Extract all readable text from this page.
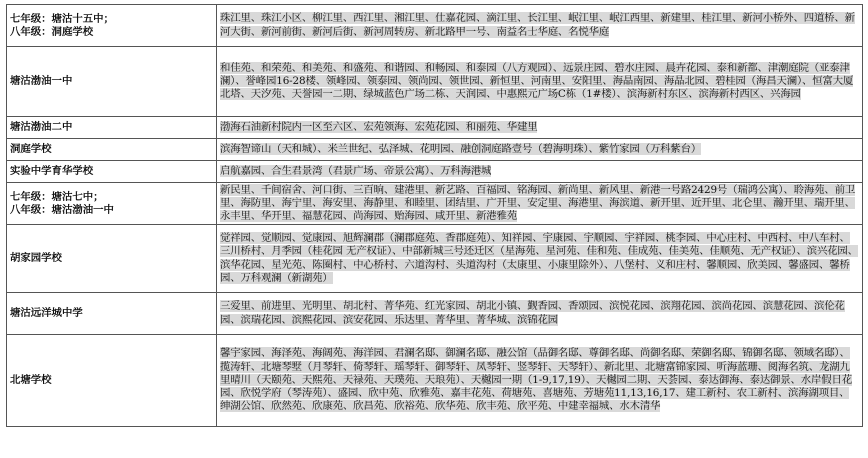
七年级：塘沽十五中；
八年级：洞庭学校	珠江里、珠江小区、柳江里、西江里、湘江里、仕嘉花园、滴江里、长江里、岷江里、岷江西里、新建里、桂江里、新河小桥外、四道桥、新河大街、新河前街、新河后街、新河周转房、新北路甲一号、南益名士华庭、名悦华庭

塘沽渤油一中	和佳苑、和荣苑、和美苑、和盛苑、和谐园、和畅园、和泰园（八方观园）、远景庄园、碧水庄园、晨卉花园、泰和新都、津潮庭院（亚泰津澜）、誉峰园16-28楼、领峰园、领泰园、领尚园、领世园、新恒里、河南里、安阳里、海晶南园、海晶北园、碧桂园（海昌天澜）、恒富大厦北塔、天汐苑、天誉园一二期、绿城蓝色广场二栋、天润园、中惠熙元广场C栋（1#楼）、滨海新村东区、滨海新村西区、兴海园

塘沽渤油二中	渤海石油新村院内一区至六区、宏苑领海、宏苑花园、和丽苑、华建里

洞庭学校	滨海智谛山（天和城）、米兰世纪、弘泽城、花明园、融创洞庭路壹号（碧海明珠）、紫竹家园（万科紫台）

实验中学育华学校	启航嘉园、合生君景湾（君景广场、帝景公寓）、万科海港城

七年级：塘沽七中；
八年级：塘沽渤油一中	新民里、千间宿舍、河口街、三百晌、建港里、新艺路、百福园、铭海园、新尚里、新风里、新港一号路2429号（瑞鸿公寓）、聆海苑、前卫里、海防里、海宁里、海安里、海静里、和睦里、团结里、广开里、安定里、海港里、海滨道、新开里、近开里、北仑里、瀚开里、瑞开里、永丰里、华开里、福慧花园、尚海园、贻海园、咸开里、新港雅苑

胡家园学校	觉祥园、觉顺园、觉康园、旭辉澜郡（澜郡庭苑、香郡庭苑）、知祥园、宇康园、宇顺园、宇祥园、桃李园、中心庄村、中西村、中八车村、三川桥村、月季园（桂花园 无产权证）、中部新城三号还迁区（星海苑、星河苑、佳和苑、佳成苑、佳美苑、佳顺苑、无产权证）、滨兴花园、滨华花园、星光苑、陈圈村、中心桥村、六道沟村、头道沟村（太康里、小康里除外）、八堡村、义和庄村、馨顺园、欣美园、馨盛园、馨桥园、万科观澜（新湖苑）

塘沽远洋城中学	三爱里、前进里、光明里、胡北村、菁华苑、红光家园、胡北小镇、觐香园、香颂园、滨悦花园、滨翔花园、滨尚花园、滨慧花园、滨伦花园、滨瑞花园、滨熙花园、滨安花园、乐达里、菁华里、菁华城、滨锦花园

北塘学校	馨宇家园、海泽苑、海阔苑、海洋园、君澜名邸、御澜名邸、融公馆（品御名邸、尊御名邸、尚御名邸、荣御名邸、锦御名邸、领域名邸）、揽涛轩、北塘琴墅（月琴轩、倚琴轩、瑶琴轩、御琴轩、凤琴轩、竖琴轩、天琴轩）、新北里、北塘富锦家园、听海蓝珊、阅海名筑、龙湖九里晴川（天颐苑、天熙苑、天禄苑、天璞苑、天琅苑）、天樾园一期（1-9,17,19）、天樾园二期、天荟园、泰达御海、泰达御景、水岸假日花园、欣悦学府（琴涛苑）、盛园、欣中苑、欣雅苑、嘉丰花苑、荷塘苑、喜塘苑、芳塘苑11,13,16,17、建工新村、农工新村、滨海湖项目、绅湖公馆、欣然苑、欣康苑、欣昌苑、欣裕苑、欣华苑、欣丰苑、欣平苑、中建幸福城、水木清华
